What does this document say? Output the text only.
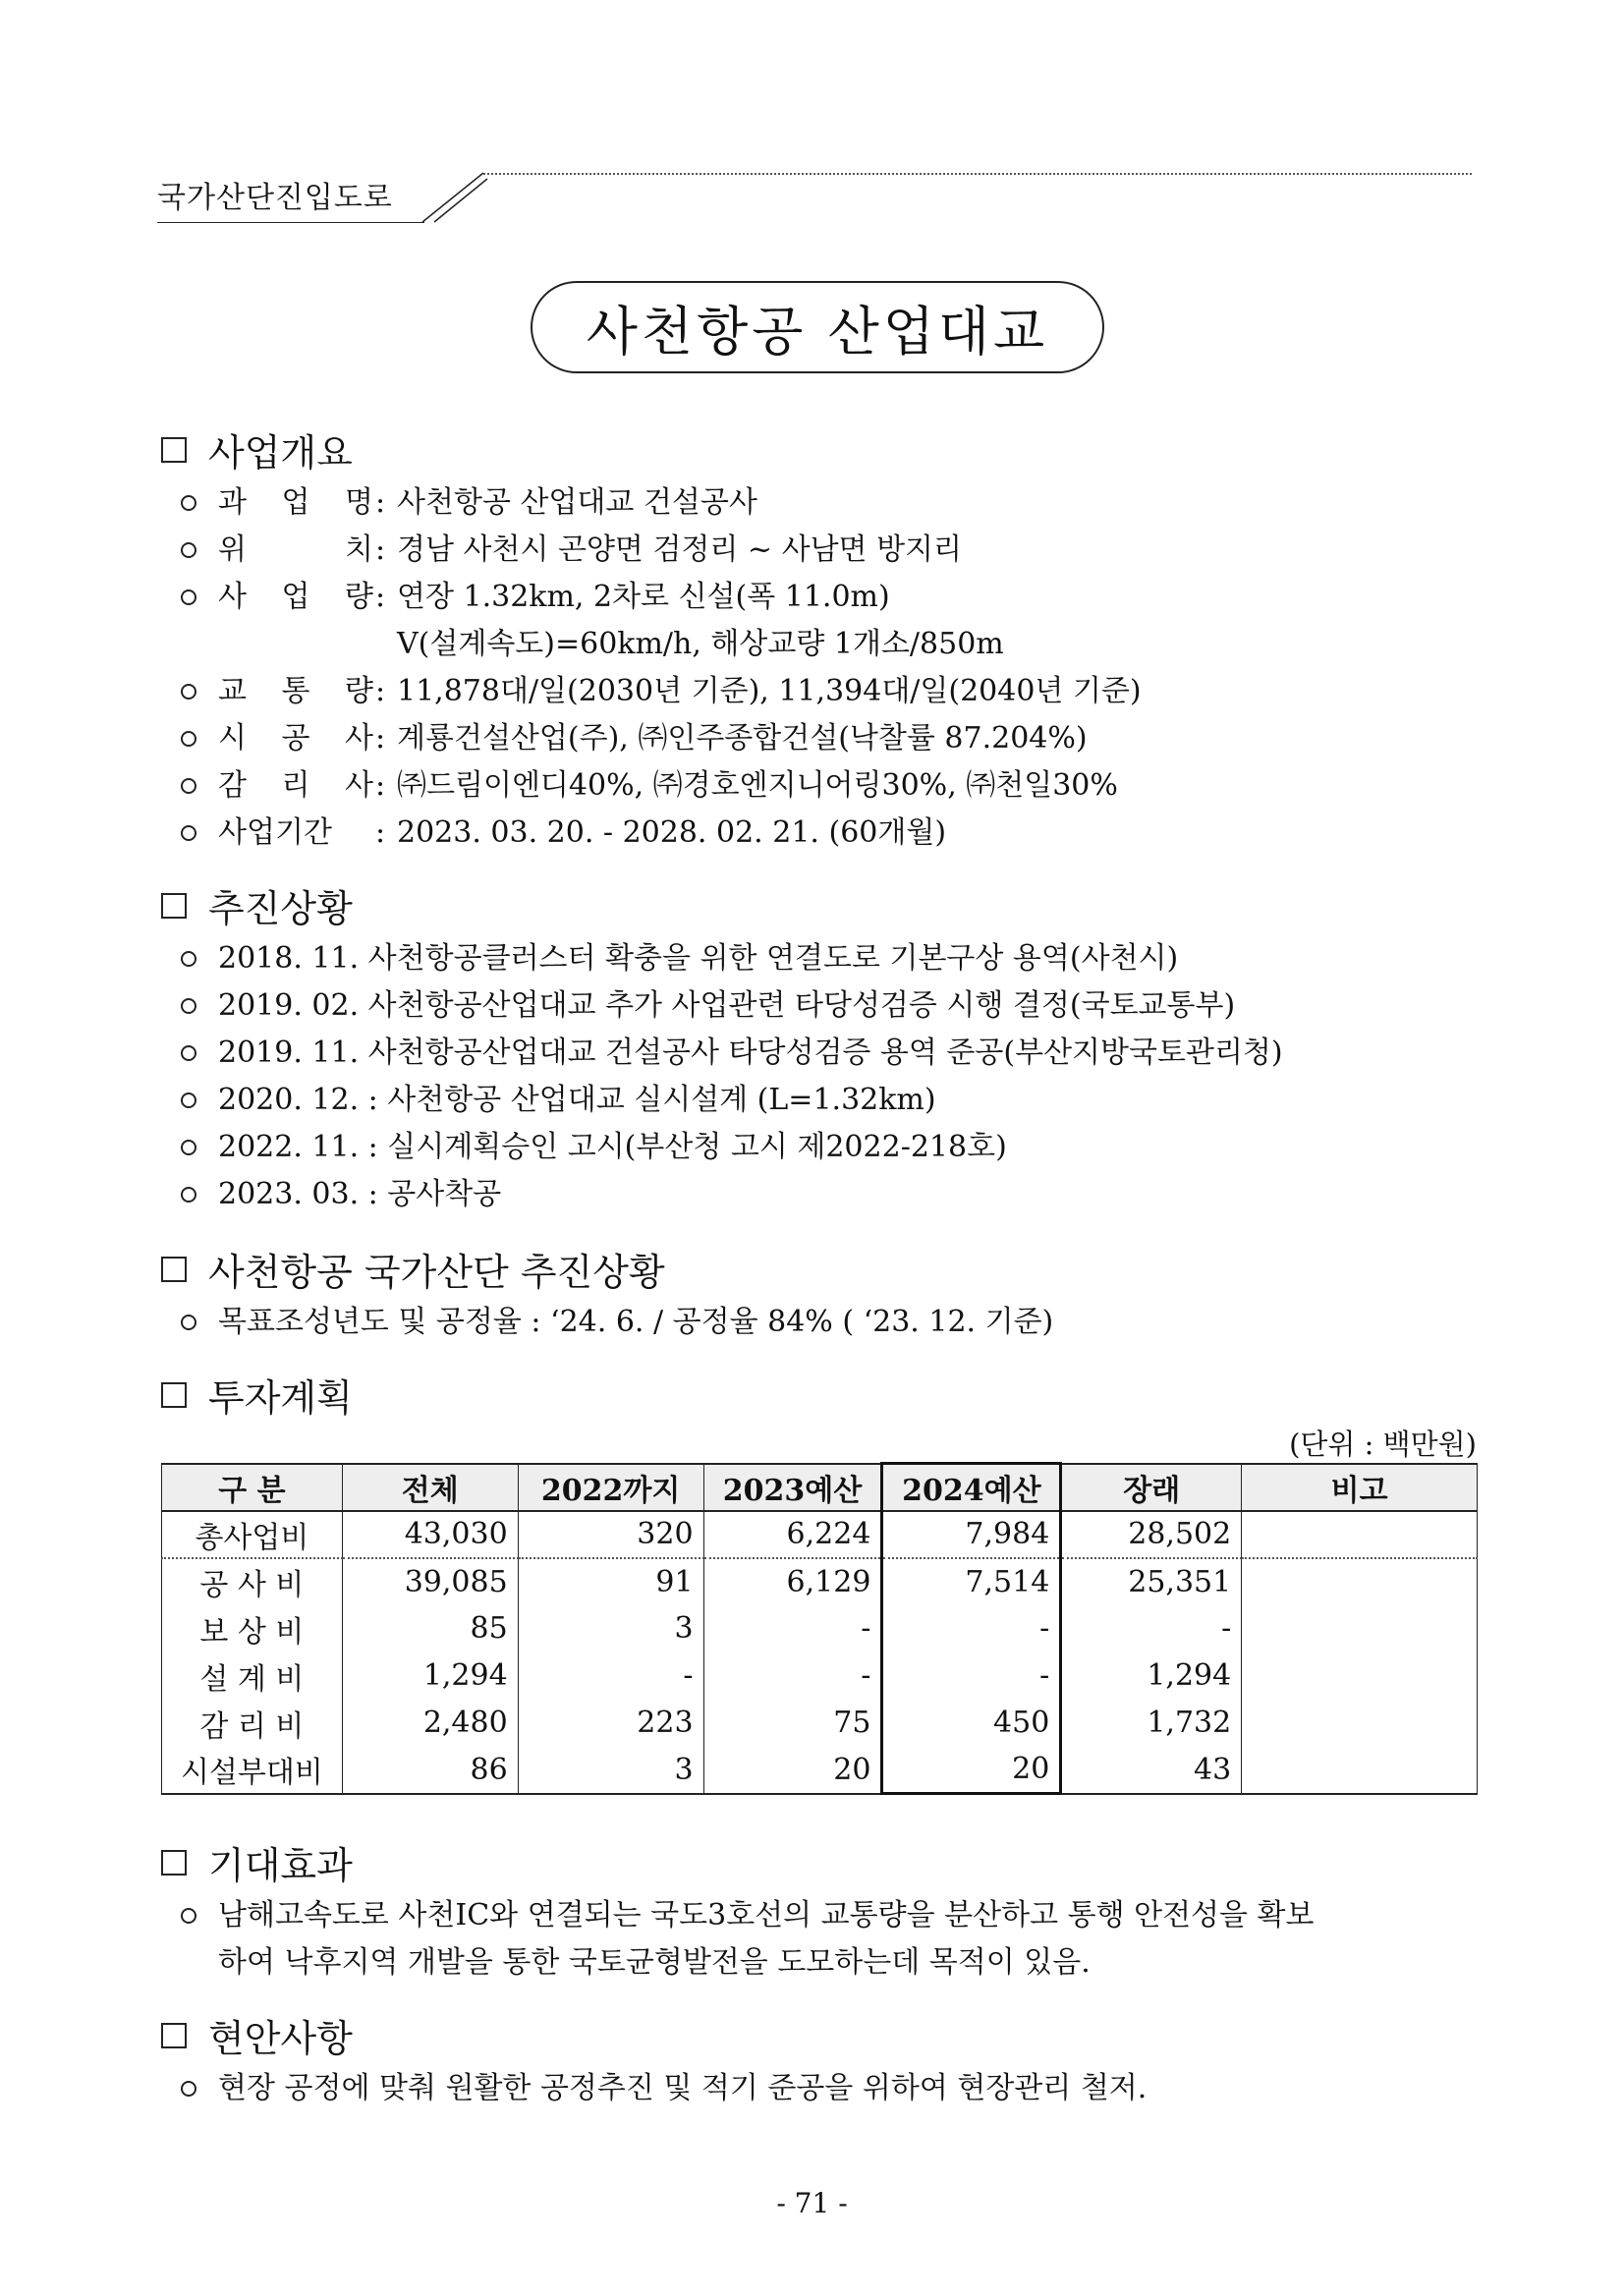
국가산단진입도로
사천항공 산업대교
사업개요
과 업 명 : 사천항공 산업대교 건설공사
위	치 : 경남 사천시 곤양면 검정리 ~ 사남면 방지리
사 업 량 : 연장 1.32km, 2차로 신설(폭 11.0m)
V(설계속도)=60km/h, 해상교량 1개소/850m
교 통 량 : 11,878대/일(2030년 기준), 11,394대/일(2040년 기준)
시 공 사 : 계룡건설산업(주), ㈜인주종합건설(낙찰률 87.204%)
감 리 사 : ㈜드림이엔디40%, ㈜경호엔지니어링30%, ㈜천일30%
사업기간 : 2023. 03. 20. - 2028. 02. 21. (60개월)
추진상황
2018. 11. 사천항공클러스터 확충을 위한 연결도로 기본구상 용역(사천시)
2019. 02. 사천항공산업대교 추가 사업관련 타당성검증 시행 결정(국토교통부)
2019. 11. 사천항공산업대교 건설공사 타당성검증 용역 준공(부산지방국토관리청)
2020. 12. : 사천항공 산업대교 실시설계 (L=1.32km)
2022. 11. : 실시계획승인 고시(부산청 고시 제2022-218호)
2023. 03. : 공사착공
사천항공 국가산단 추진상황
목표조성년도 및 공정율 : ‘24. 6. / 공정율 84% ( ‘23. 12. 기준)
투자계획
(단위 : 백만원)
구 분	전체	2022까지	2023예산	2024예산	장래	비고
총사업비	43,030	320	6,224	7,984	28,502	
공 사 비	39,085	91	6,129	7,514	25,351	
보 상 비	85	3	-	-	-	
설 계 비	1,294	-	-	-	1,294	
감 리 비	2,480	223	75	450	1,732	
시설부대비	86	3	20	20	43	
기대효과
남해고속도로 사천IC와 연결되는 국도3호선의 교통량을 분산하고 통행 안전성을 확보
하여 낙후지역 개발을 통한 국토균형발전을 도모하는데 목적이 있음.
현안사항
현장 공정에 맞춰 원활한 공정추진 및 적기 준공을 위하여 현장관리 철저.
- 71 -
